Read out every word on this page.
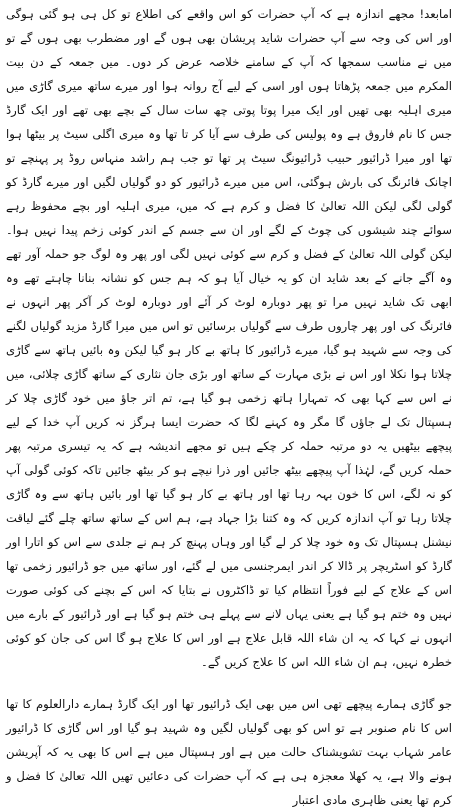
امابعد! مجھے اندازہ ہے کہ آپ حضرات کو اس واقعے کی اطلاع تو کل ہی ہو گئی ہوگی اور اس کی وجہ سے آپ حضرات شاید پریشان بھی ہوں گے اور مضطرب بھی ہوں گے تو میں نے مناسب سمجھا کہ آپ کے سامنے خلاصہ عرض کر دوں۔ میں جمعہ کے دن بیت المکرم میں جمعہ پڑھاتا ہوں اور اسی کے لیے آج روانہ ہوا اور میرے ساتھ میری گاڑی میں میری اہلیہ بھی تھیں اور ایک میرا پوتا پوتی چھ سات سال کے بچے بھی تھے اور ایک گارڈ جس کا نام فاروق ہے وہ پولیس کی طرف سے آیا کر تا تھا وہ میری اگلی سیٹ پر بیٹھا ہوا تھا اور میرا ڈرائیور حبیب ڈرائیونگ سیٹ پر تھا تو جب ہم راشد منہاس روڈ پر پہنچے تو اچانک فائرنگ کی بارش ہوگئی، اس میں میرے ڈرائیور کو دو گولیاں لگیں اور میرے گارڈ کو گولی لگی لیکن اللہ تعالیٰ کا فضل و کرم ہے کہ میں، میری اہلیہ اور بچے محفوظ رہے سوائے چند شیشوں کی چوٹ کے لگے اور ان سے جسم کے اندر کوئی زخم پیدا نہیں ہوا۔ لیکن گولی اللہ تعالیٰ کے فضل و کرم سے کوئی نہیں لگی اور پھر وہ لوگ جو حملہ آور تھے وہ آگے جانے کے بعد شاید ان کو یہ خیال آیا ہو کہ ہم جس کو نشانہ بنانا چاہتے تھے وہ ابھی تک شاید نہیں مرا تو پھر دوبارہ لوٹ کر آئے اور دوبارہ لوٹ کر آکر پھر انہوں نے فائرنگ کی اور پھر چاروں طرف سے گولیاں برسائیں تو اس میں میرا گارڈ مزید گولیاں لگنے کی وجہ سے شہید ہو گیا، میرے ڈرائیور کا ہاتھ بے کار ہو گیا لیکن وہ بائیں ہاتھ سے گاڑی چلاتا ہوا نکلا اور اس نے بڑی مہارت کے ساتھ اور بڑی جان نثاری کے ساتھ گاڑی چلائی، میں نے اس سے کہا بھی کہ تمہارا ہاتھ زخمی ہو گیا ہے، تم اتر جاؤ میں خود گاڑی چلا کر ہسپتال تک لے جاؤں گا مگر وہ کہنے لگا کہ حضرت ایسا ہرگز نہ کریں آپ خدا کے لیے پیچھے بیٹھیں یہ دو مرتبہ حملہ کر چکے ہیں تو مجھے اندیشہ ہے کہ یہ تیسری مرتبہ پھر حملہ کریں گے، لہٰذا آپ پیچھے بیٹھ جائیں اور ذرا نیچے ہو کر بیٹھ جائیں تاکہ کوئی گولی آپ کو نہ لگے، اس کا خون بہہ رہا تھا اور ہاتھ بے کار ہو گیا تھا اور بائیں ہاتھ سے وہ گاڑی چلاتا رہا تو آپ اندازہ کریں کہ وہ کتنا بڑا جہاد ہے، ہم اس کے ساتھ ساتھ چلے گئے لیاقت نیشنل ہسپتال تک وہ خود چلا کر لے گیا اور وہاں پہنچ کر ہم نے جلدی سے اس کو اتارا اور گارڈ کو اسٹریچر پر ڈالا کر اندر ایمرجنسی میں لے گئے، اور ساتھ میں جو ڈرائیور زخمی تھا اس کے علاج کے لیے فوراً انتظام کیا تو ڈاکٹروں نے بتایا کہ اس کے بچنے کی کوئی صورت نہیں وہ ختم ہو گیا ہے یعنی یہاں لانے سے پہلے ہی ختم ہو گیا ہے اور ڈرائیور کے بارے میں انہوں نے کہا کہ یہ ان شاء اللہ قابل علاج ہے اور اس کا علاج ہو گا اس کی جان کو کوئی خطرہ نہیں، ہم ان شاء اللہ اس کا علاج کریں گے۔

جو گاڑی ہمارے پیچھے تھی اس میں بھی ایک ڈرائیور تھا اور ایک گارڈ ہمارے دارالعلوم کا تھا اس کا نام صنوبر ہے تو اس کو بھی گولیاں لگیں وہ شہید ہو گیا اور اس گاڑی کا ڈرائیور عامر شہاب بہت تشویشناک حالت میں ہے اور ہسپتال میں ہے اس کا بھی یہ کہ آپریشن ہونے والا ہے، یہ کھلا معجزہ ہی ہے کہ آپ حضرات کی دعائیں تھیں اللہ تعالیٰ کا فضل و کرم تھا یعنی ظاہری مادی اعتبار
